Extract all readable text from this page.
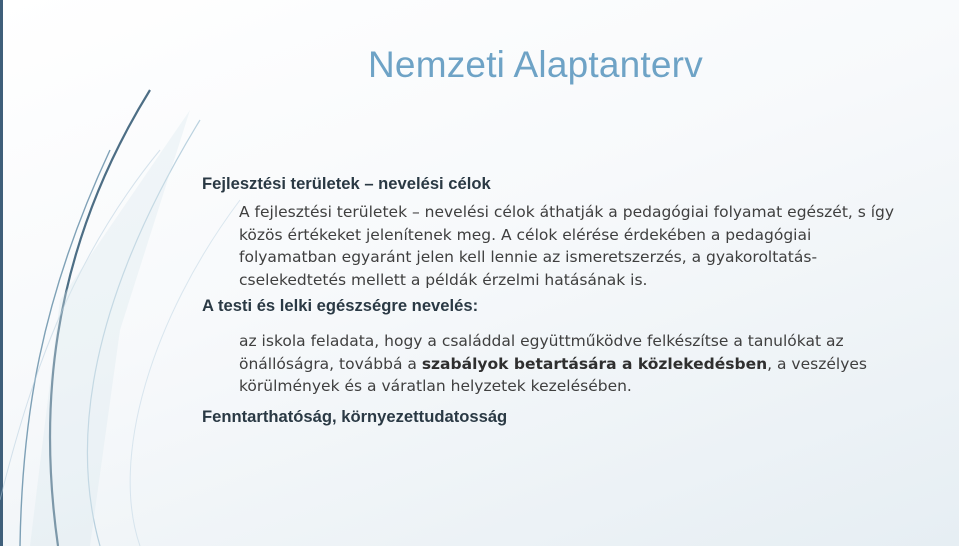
Nemzeti Alaptanterv

Fejlesztési területek – nevelési célok

A fejlesztési területek – nevelési célok áthatják a pedagógiai folyamat egészét, s így közös értékeket jelenítenek meg. A célok elérése érdekében a pedagógiai folyamatban egyaránt jelen kell lennie az ismeretszerzés, a gyakoroltatás-cselekedtetés mellett a példák érzelmi hatásának is.

A testi és lelki egészségre nevelés:

az iskola feladata, hogy a családdal együttműködve felkészítse a tanulókat az önállóságra, továbbá a szabályok betartására a közlekedésben, a veszélyes körülmények és a váratlan helyzetek kezelésében.

Fenntarthatóság, környezettudatosság
